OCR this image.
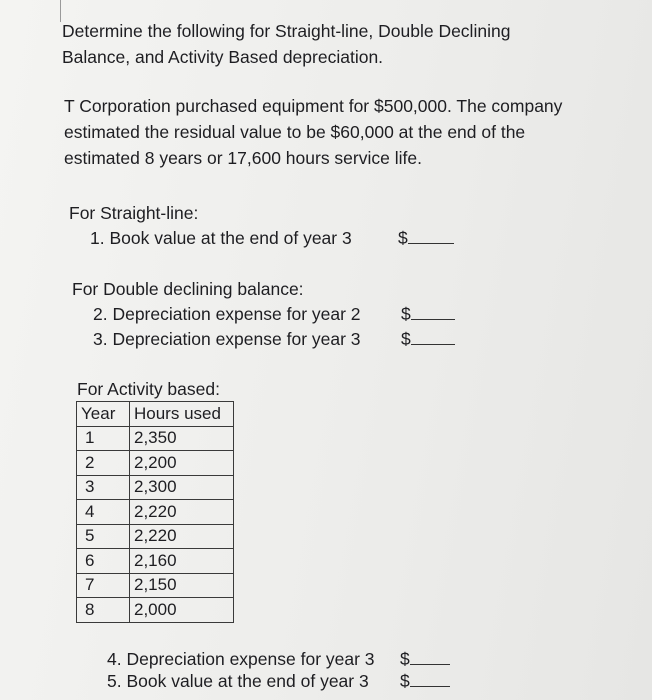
Determine the following for Straight-line, Double Declining
Balance, and Activity Based depreciation.
T Corporation purchased equipment for $500,000. The company
estimated the residual value to be $60,000 at the end of the
estimated 8 years or 17,600 hours service life.
For Straight-line:
1. Book value at the end of year 3	$
For Double declining balance:
2. Depreciation expense for year 2 $
3. Depreciation expense for year 3 $
For Activity based:
Year	Hours used
1	2,350
2	2,200
3	2,300
4	2,220
5	2,220
6	2,160
7	2,150
8	2,000
4. Depreciation expense for year 3 $
5. Book value at the end of year 3 $
